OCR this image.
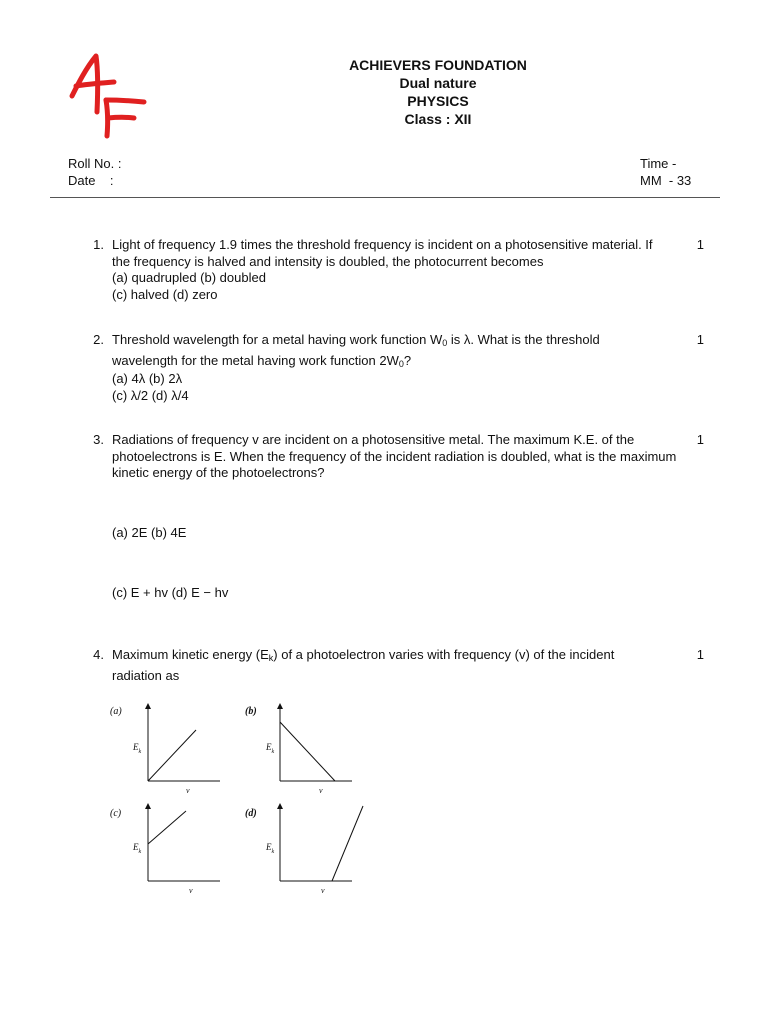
ACHIEVERS FOUNDATION
Dual nature
PHYSICS
Class : XII
Roll No. :
Date    :
Time -
MM  - 33
1.	1
Light of frequency 1.9 times the threshold frequency is incident on a photosensitive material. If
the frequency is halved and intensity is doubled, the photocurrent becomes
(a) quadrupled (b) doubled
(c) halved (d) zero
2.	1
Threshold wavelength for a metal having work function $W_0$ is λ. What is the threshold
wavelength for the metal having work function $2W_0$?
(a) 4λ (b) 2λ
(c) λ/2 (d) λ/4
3.	1
Radiations of frequency v are incident on a photosensitive metal. The maximum K.E. of the
photoelectrons is E. When the frequency of the incident radiation is doubled, what is the maximum
kinetic energy of the photoelectrons?
(a) 2E (b) 4E
(c) E + hv (d) E − hv
4.	1
Maximum kinetic energy $(E_k)$ of a photoelectron varies with frequency (v) of the incident
radiation as
(a)
$E_k$
v
(b)
$E_k$
v
(c)
$E_k$
v
(d)
$E_k$
v
